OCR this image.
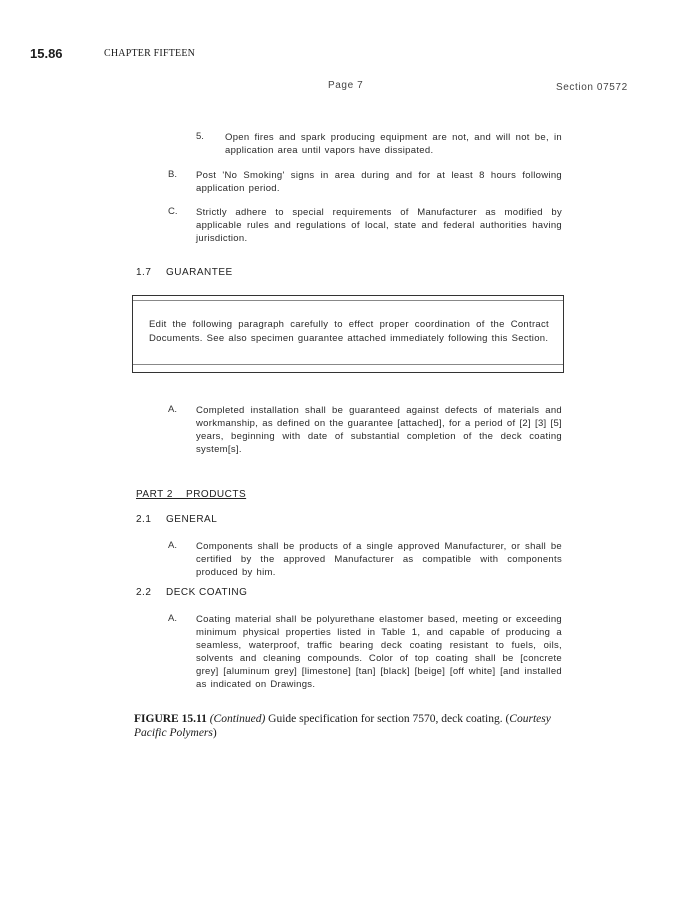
15.86	CHAPTER FIFTEEN
Page 7	Section 07572
5. Open fires and spark producing equipment are not, and will not be, in application area until vapors have dissipated.
B. Post 'No Smoking' signs in area during and for at least 8 hours following application period.
C. Strictly adhere to special requirements of Manufacturer as modified by applicable rules and regulations of local, state and federal authorities having jurisdiction.
1.7 GUARANTEE
Edit the following paragraph carefully to effect proper coordination of the Contract Documents. See also specimen guarantee attached immediately following this Section.
A. Completed installation shall be guaranteed against defects of materials and workmanship, as defined on the guarantee [attached], for a period of [2] [3] [5] years, beginning with date of substantial completion of the deck coating system[s].
PART 2    PRODUCTS
2.1 GENERAL
A. Components shall be products of a single approved Manufacturer, or shall be certified by the approved Manufacturer as compatible with components produced by him.
2.2 DECK COATING
A. Coating material shall be polyurethane elastomer based, meeting or exceeding minimum physical properties listed in Table 1, and capable of producing a seamless, waterproof, traffic bearing deck coating resistant to fuels, oils, solvents and cleaning compounds. Color of top coating shall be [concrete grey] [aluminum grey] [limestone] [tan] [black] [beige] [off white] [and installed as indicated on Drawings.
FIGURE 15.11 (Continued) Guide specification for section 7570, deck coating. (Courtesy Pacific Polymers)
